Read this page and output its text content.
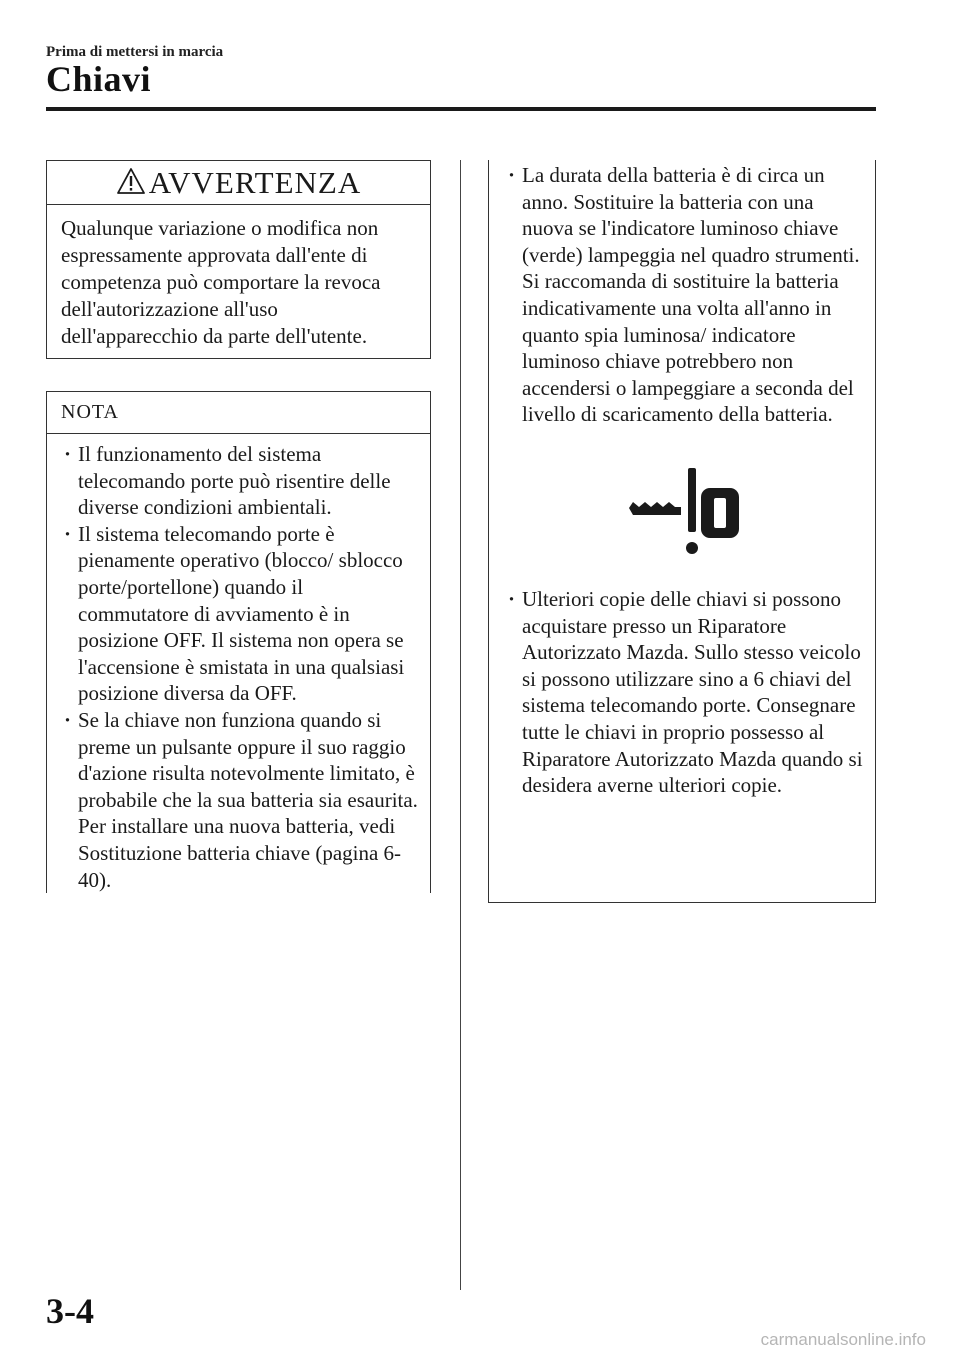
Prima di mettersi in marcia
Chiavi
AVVERTENZA
Qualunque variazione o modifica non espressamente approvata dall'ente di competenza può comportare la revoca dell'autorizzazione all'uso dell'apparecchio da parte dell'utente.
NOTA
· Il funzionamento del sistema telecomando porte può risentire delle diverse condizioni ambientali.
· Il sistema telecomando porte è pienamente operativo (blocco/ sblocco porte/portellone) quando il commutatore di avviamento è in posizione OFF. Il sistema non opera se l'accensione è smistata in una qualsiasi posizione diversa da OFF.
· Se la chiave non funziona quando si preme un pulsante oppure il suo raggio d'azione risulta notevolmente limitato, è probabile che la sua batteria sia esaurita. Per installare una nuova batteria, vedi Sostituzione batteria chiave (pagina 6-40).
· La durata della batteria è di circa un anno. Sostituire la batteria con una nuova se l'indicatore luminoso chiave (verde) lampeggia nel quadro strumenti. Si raccomanda di sostituire la batteria indicativamente una volta all'anno in quanto spia luminosa/ indicatore luminoso chiave potrebbero non accendersi o lampeggiare a seconda del livello di scaricamento della batteria.
· Ulteriori copie delle chiavi si possono acquistare presso un Riparatore Autorizzato Mazda. Sullo stesso veicolo si possono utilizzare sino a 6 chiavi del sistema telecomando porte. Consegnare tutte le chiavi in proprio possesso al Riparatore Autorizzato Mazda quando si desidera averne ulteriori copie.
3-4
carmanualsonline.info
